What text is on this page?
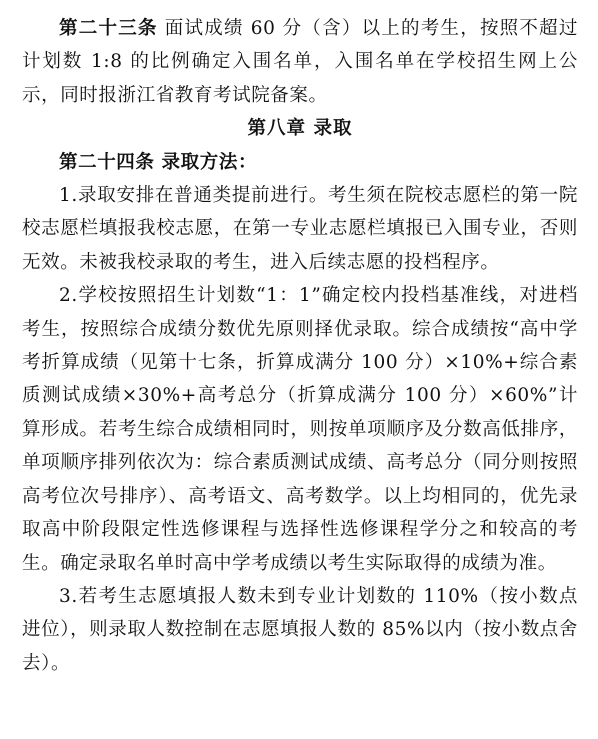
第二十三条 面试成绩 60 分（含）以上的考生，按照不超过计划数 1:8 的比例确定入围名单，入围名单在学校招生网上公示，同时报浙江省教育考试院备案。

第八章 录取

第二十四条 录取方法：

1.录取安排在普通类提前进行。考生须在院校志愿栏的第一院校志愿栏填报我校志愿，在第一专业志愿栏填报已入围专业，否则无效。未被我校录取的考生，进入后续志愿的投档程序。

2.学校按照招生计划数“1：1”确定校内投档基准线，对进档考生，按照综合成绩分数优先原则择优录取。综合成绩按“高中学考折算成绩（见第十七条，折算成满分 100 分）×10%+综合素质测试成绩×30%+高考总分（折算成满分 100 分）×60%”计算形成。若考生综合成绩相同时，则按单项顺序及分数高低排序，单项顺序排列依次为：综合素质测试成绩、高考总分（同分则按照高考位次号排序）、高考语文、高考数学。以上均相同的，优先录取高中阶段限定性选修课程与选择性选修课程学分之和较高的考生。确定录取名单时高中学考成绩以考生实际取得的成绩为准。

3.若考生志愿填报人数未到专业计划数的 110%（按小数点进位），则录取人数控制在志愿填报人数的 85%以内（按小数点舍去）。
